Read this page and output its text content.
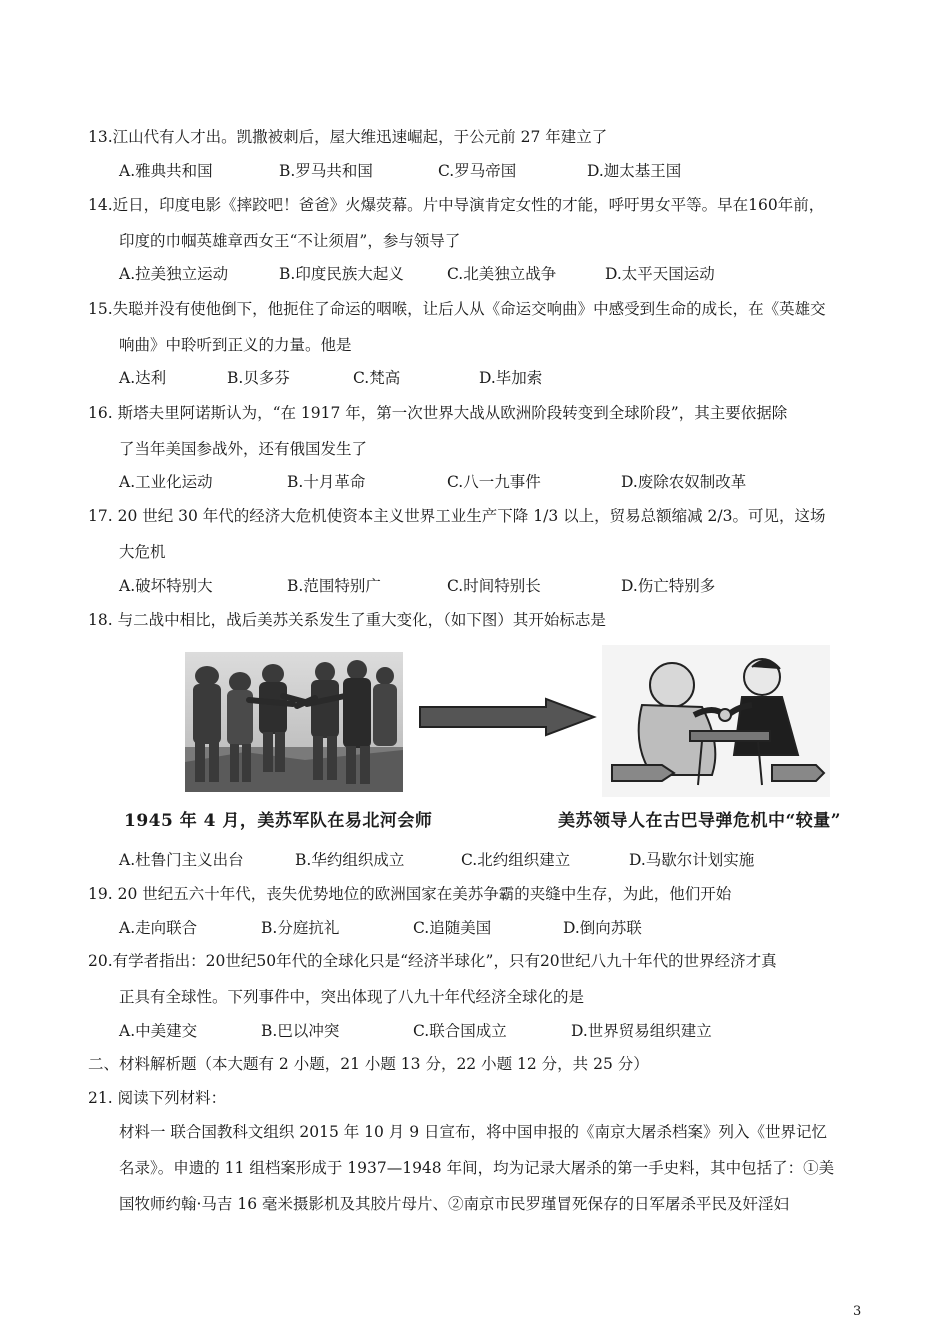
13.江山代有人才出。凯撒被刺后，屋大维迅速崛起，于公元前 27 年建立了
A.雅典共和国	B.罗马共和国	C.罗马帝国	D.迦太基王国
14.近日，印度电影《摔跤吧！爸爸》火爆荧幕。片中导演肯定女性的才能，呼吁男女平等。早在160年前，
印度的巾帼英雄章西女王“不让须眉”，参与领导了
A.拉美独立运动	B.印度民族大起义	C.北美独立战争	D.太平天国运动
15.失聪并没有使他倒下，他扼住了命运的咽喉，让后人从《命运交响曲》中感受到生命的成长，在《英雄交
响曲》中聆听到正义的力量。他是
A.达利	B.贝多芬	C.梵高	D.毕加索
16. 斯塔夫里阿诺斯认为，“在 1917 年，第一次世界大战从欧洲阶段转变到全球阶段”，其主要依据除
了当年美国参战外，还有俄国发生了
A.工业化运动	B.十月革命	C.八一九事件	D.废除农奴制改革
17. 20 世纪 30 年代的经济大危机使资本主义世界工业生产下降 1/3 以上，贸易总额缩减 2/3。可见，这场
大危机
A.破坏特别大	B.范围特别广	C.时间特别长	D.伤亡特别多
18. 与二战中相比，战后美苏关系发生了重大变化，（如下图）其开始标志是
1945 年 4 月，美苏军队在易北河会师	美苏领导人在古巴导弹危机中“较量”
A.杜鲁门主义出台	B.华约组织成立	C.北约组织建立	D.马歇尔计划实施
19. 20 世纪五六十年代，丧失优势地位的欧洲国家在美苏争霸的夹缝中生存，为此，他们开始
A.走向联合	B.分庭抗礼	C.追随美国	D.倒向苏联
20.有学者指出：20世纪50年代的全球化只是“经济半球化”，只有20世纪八九十年代的世界经济才真
正具有全球性。下列事件中，突出体现了八九十年代经济全球化的是
A.中美建交	B.巴以冲突	C.联合国成立	D.世界贸易组织建立
二、材料解析题（本大题有 2 小题，21 小题 13 分，22 小题 12 分，共 25 分）
21. 阅读下列材料：
材料一 联合国教科文组织 2015 年 10 月 9 日宣布，将中国申报的《南京大屠杀档案》列入《世界记忆
名录》。申遗的 11 组档案形成于 1937—1948 年间，均为记录大屠杀的第一手史料，其中包括了：①美
国牧师约翰·马吉 16 毫米摄影机及其胶片母片、②南京市民罗瑾冒死保存的日军屠杀平民及奸淫妇
3
